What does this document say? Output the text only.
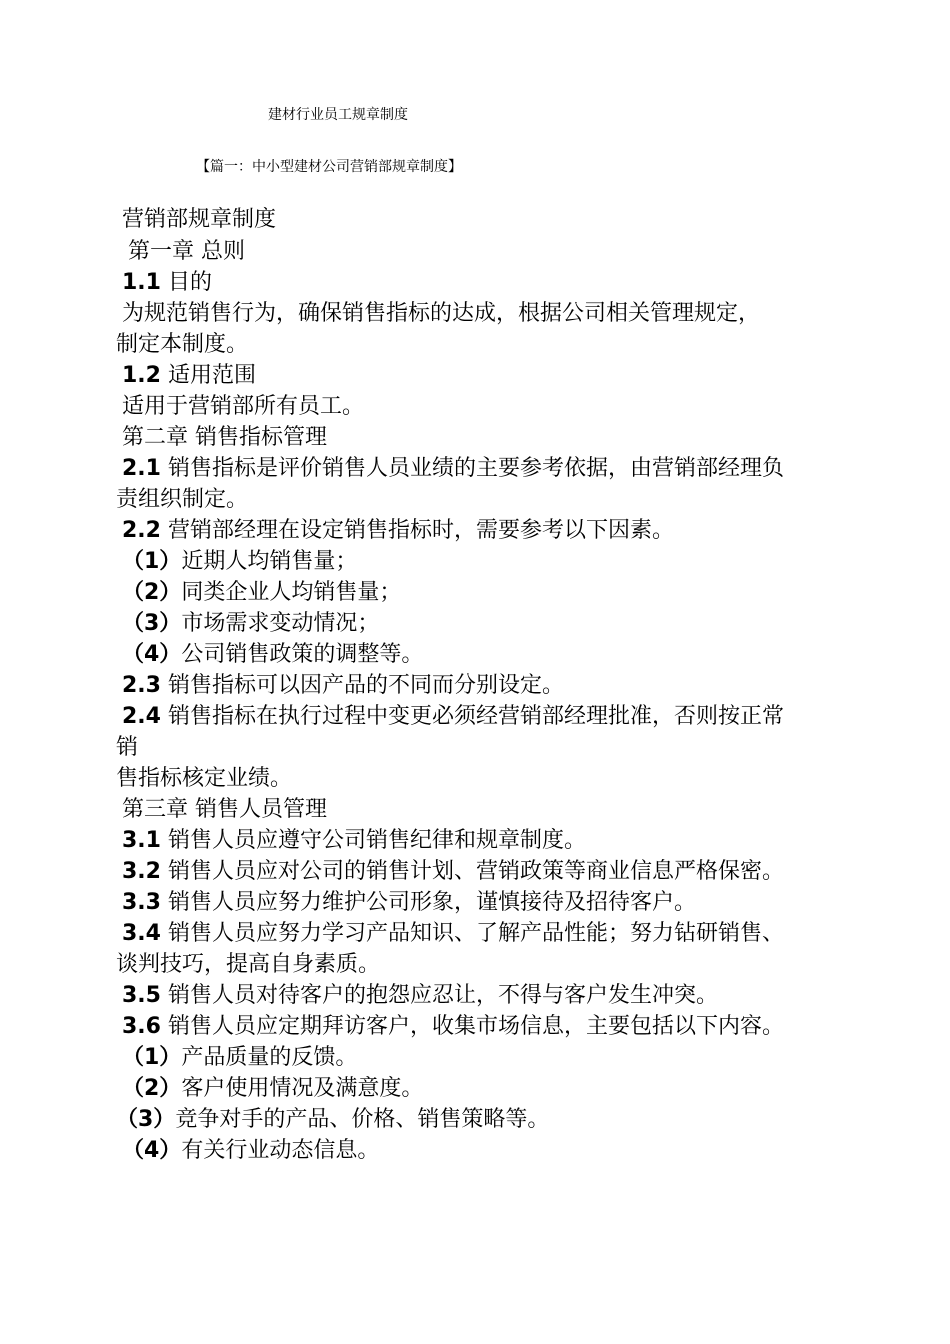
建材行业员工规章制度
【篇一：中小型建材公司营销部规章制度】
营销部规章制度
第一章 总则
1.1 目的
为规范销售行为，确保销售指标的达成，根据公司相关管理规定，
制定本制度。
1.2 适用范围
适用于营销部所有员工。
第二章 销售指标管理
2.1 销售指标是评价销售人员业绩的主要参考依据，由营销部经理负
责组织制定。
2.2 营销部经理在设定销售指标时，需要参考以下因素。
（1）近期人均销售量；
（2）同类企业人均销售量；
（3）市场需求变动情况；
（4）公司销售政策的调整等。
2.3 销售指标可以因产品的不同而分别设定。
2.4 销售指标在执行过程中变更必须经营销部经理批准，否则按正常
销
售指标核定业绩。
第三章 销售人员管理
3.1 销售人员应遵守公司销售纪律和规章制度。
3.2 销售人员应对公司的销售计划、营销政策等商业信息严格保密。
3.3 销售人员应努力维护公司形象，谨慎接待及招待客户。
3.4 销售人员应努力学习产品知识、了解产品性能；努力钻研销售、
谈判技巧，提高自身素质。
3.5 销售人员对待客户的抱怨应忍让，不得与客户发生冲突。
3.6 销售人员应定期拜访客户，收集市场信息，主要包括以下内容。
（1）产品质量的反馈。
（2）客户使用情况及满意度。
（3）竞争对手的产品、价格、销售策略等。
（4）有关行业动态信息。
